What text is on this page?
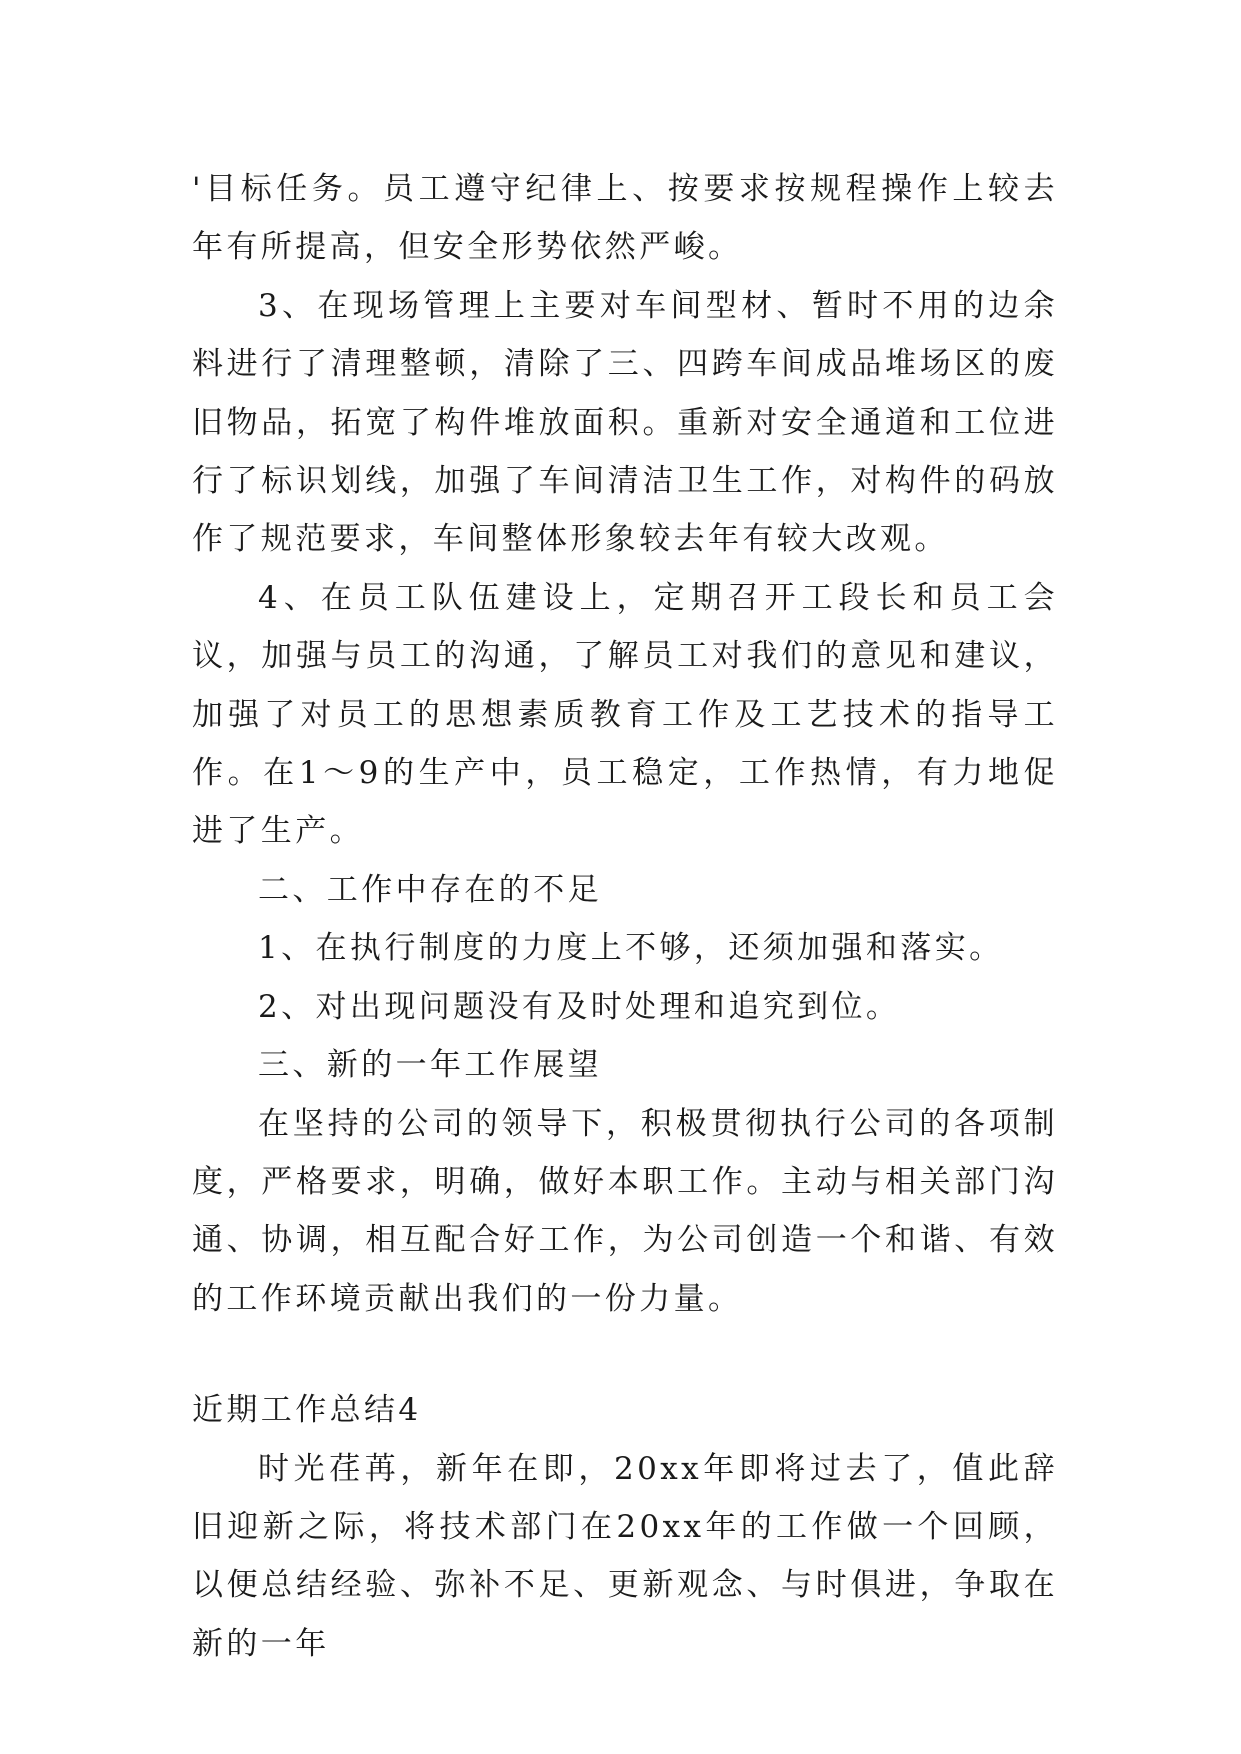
'目标任务。员工遵守纪律上、按要求按规程操作上较去年有所提高，但安全形势依然严峻。

3、在现场管理上主要对车间型材、暂时不用的边余料进行了清理整顿，清除了三、四跨车间成品堆场区的废旧物品，拓宽了构件堆放面积。重新对安全通道和工位进行了标识划线，加强了车间清洁卫生工作，对构件的码放作了规范要求，车间整体形象较去年有较大改观。

4、在员工队伍建设上，定期召开工段长和员工会议，加强与员工的沟通，了解员工对我们的意见和建议，加强了对员工的思想素质教育工作及工艺技术的指导工作。在1～9的生产中，员工稳定，工作热情，有力地促进了生产。

二、工作中存在的不足

1、在执行制度的力度上不够，还须加强和落实。

2、对出现问题没有及时处理和追究到位。

三、新的一年工作展望

在坚持的公司的领导下，积极贯彻执行公司的各项制度，严格要求，明确，做好本职工作。主动与相关部门沟通、协调，相互配合好工作，为公司创造一个和谐、有效的工作环境贡献出我们的一份力量。

近期工作总结4

时光荏苒，新年在即，20xx年即将过去了，值此辞旧迎新之际，将技术部门在20xx年的工作做一个回顾，以便总结经验、弥补不足、更新观念、与时俱进，争取在新的一年
